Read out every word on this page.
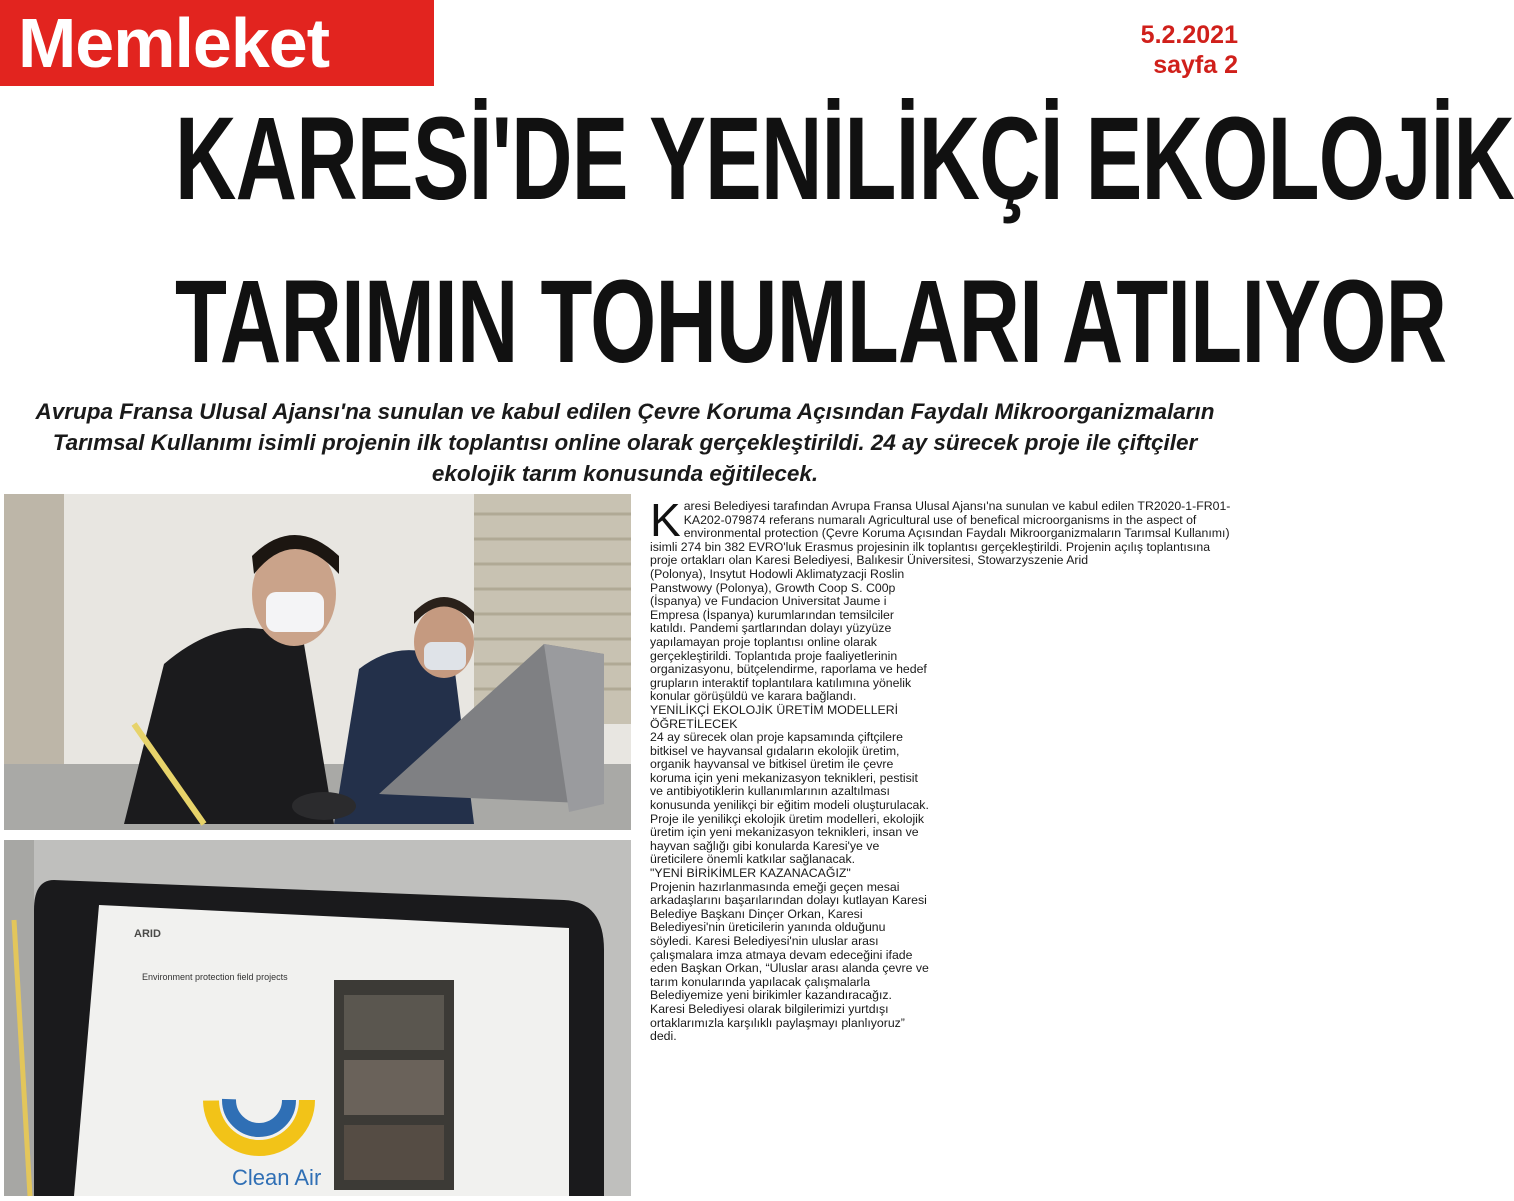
Memleket	5.2.2021
sayfa 2
KARESİ'DE YENİLİKÇİ EKOLOJİK
TARIMIN TOHUMLARI ATILIYOR
Avrupa Fransa Ulusal Ajansı'na sunulan ve kabul edilen Çevre Koruma Açısından Faydalı Mikroorganizmaların Tarımsal Kullanımı isimli projenin ilk toplantısı online olarak gerçekleştirildi. 24 ay sürecek proje ile çiftçiler ekolojik tarım konusunda eğitilecek.
ARID
Environment protection field projects
Clean Air

K aresi Belediyesi tarafından Avrupa Fransa Ulusal Ajansı'na sunulan ve kabul edilen TR2020-1-FR01- KA202-079874 referans numaralı Agricultural use of benefical microorganisms in the aspect of environmental protection (Çevre Koruma Açısından Faydalı Mikroorganizmaların Tarımsal Kullanımı) isimli 274 bin 382 EVRO'luk Erasmus projesinin ilk toplantısı gerçekleştirildi. Projenin açılış toplantısına proje ortakları olan Karesi Belediyesi, Balıkesir Üniversitesi, Stowarzyszenie Arid

(Polonya), Insytut Hodowli Aklimatyzacji Roslin Panstwowy (Polonya), Growth Coop S. C00p (İspanya) ve Fundacion Universitat Jaume i Empresa (İspanya) kurumlarından temsilciler katıldı. Pandemi şartlarından dolayı yüzyüze yapılamayan proje toplantısı online olarak gerçekleştirildi. Toplantıda proje faaliyetlerinin organizasyonu, bütçelendirme, raporlama ve hedef grupların interaktif toplantılara katılımına yönelik konular görüşüldü ve karara bağlandı.

YENİLİKÇİ EKOLOJİK ÜRETİM MODELLERİ ÖĞRETİLECEK

24 ay sürecek olan proje kapsamında çiftçilere bitkisel ve hayvansal gıdaların ekolojik üretim, organik hayvansal ve bitkisel üretim ile çevre koruma için yeni mekanizasyon teknikleri, pestisit ve antibiyotiklerin kullanımlarının azaltılması konusunda yenilikçi bir eğitim modeli oluşturulacak. Proje ile yenilikçi ekolojik üretim modelleri, ekolojik üretim için yeni mekanizasyon teknikleri, insan ve hayvan sağlığı gibi konularda Karesi'ye ve üreticilere önemli katkılar sağlanacak.

"YENİ BİRİKİMLER KAZANACAĞIZ"

Projenin hazırlanmasında emeği geçen mesai arkadaşlarını başarılarından dolayı kutlayan Karesi Belediye Başkanı Dinçer Orkan, Karesi Belediyesi'nin üreticilerin yanında olduğunu söyledi. Karesi Belediyesi'nin uluslar arası çalışmalara imza atmaya devam edeceğini ifade eden Başkan Orkan, “Uluslar arası alanda çevre ve tarım konularında yapılacak çalışmalarla Belediyemize yeni birikimler kazandıracağız. Karesi Belediyesi olarak bilgilerimizi yurtdışı ortaklarımızla karşılıklı paylaşmayı planlıyoruz” dedi.
